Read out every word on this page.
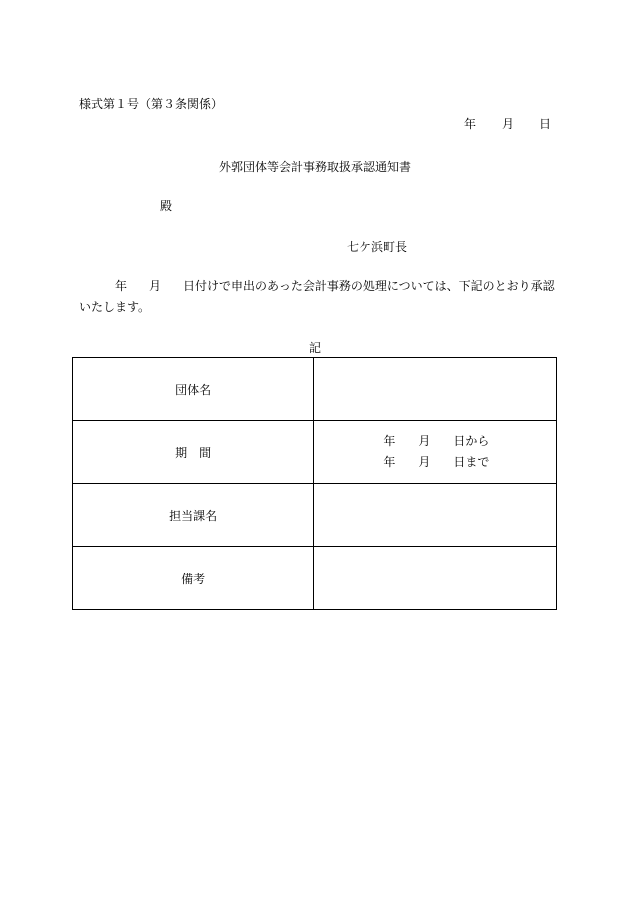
様式第１号（第３条関係）
年 月 日
外郭団体等会計事務取扱承認通知書
殿
七ケ浜町長
年 月 日付けで申出のあった会計事務の処理については、下記のとおり承認
いたします。
記
団体名	
期　間	年 月 日から
年 月 日まで

担当課名	
備考	
